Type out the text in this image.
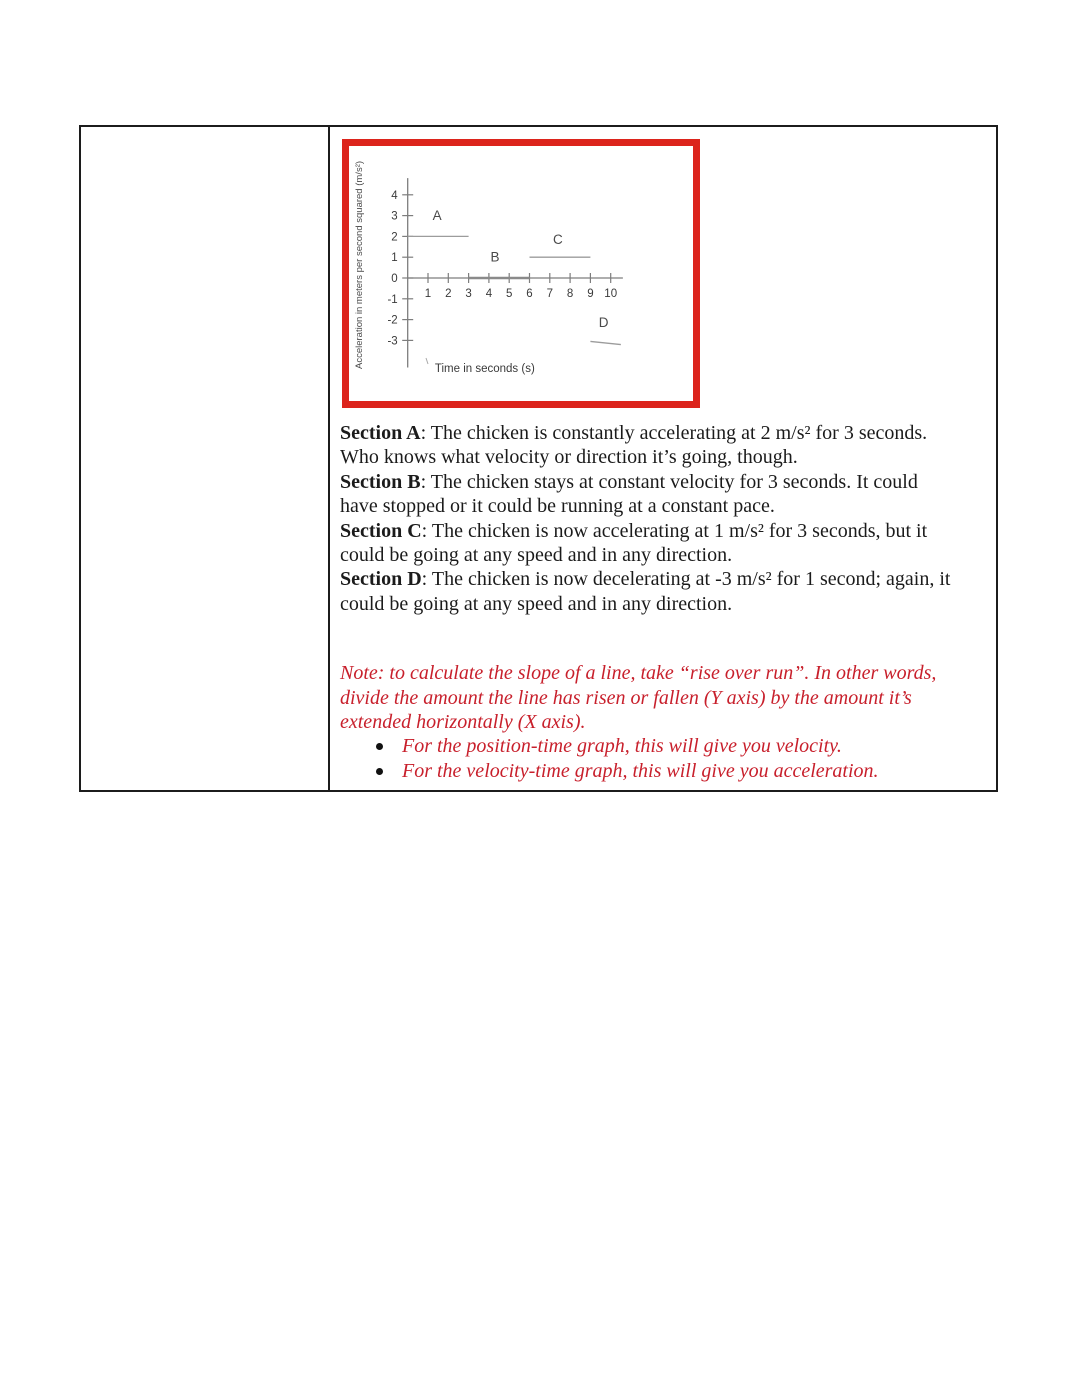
1 2 3 4 5 6 7 8 9 10
4
3
2
1
0
-1
-2
-3
A
B
C
D
Time in seconds (s)
Acceleration in meters per second squared (m/s²)

Section A: The chicken is constantly accelerating at 2 m/s² for 3 seconds.

Who knows what velocity or direction it’s going, though.

Section B: The chicken stays at constant velocity for 3 seconds. It could

have stopped or it could be running at a constant pace.

Section C: The chicken is now accelerating at 1 m/s² for 3 seconds, but it

could be going at any speed and in any direction.

Section D: The chicken is now decelerating at -3 m/s² for 1 second; again, it

could be going at any speed and in any direction.

Note: to calculate the slope of a line, take “rise over run”. In other words,

divide the amount the line has risen or fallen (Y axis) by the amount it’s

extended horizontally (X axis).

For the position-time graph, this will give you velocity.
For the velocity-time graph, this will give you acceleration.
